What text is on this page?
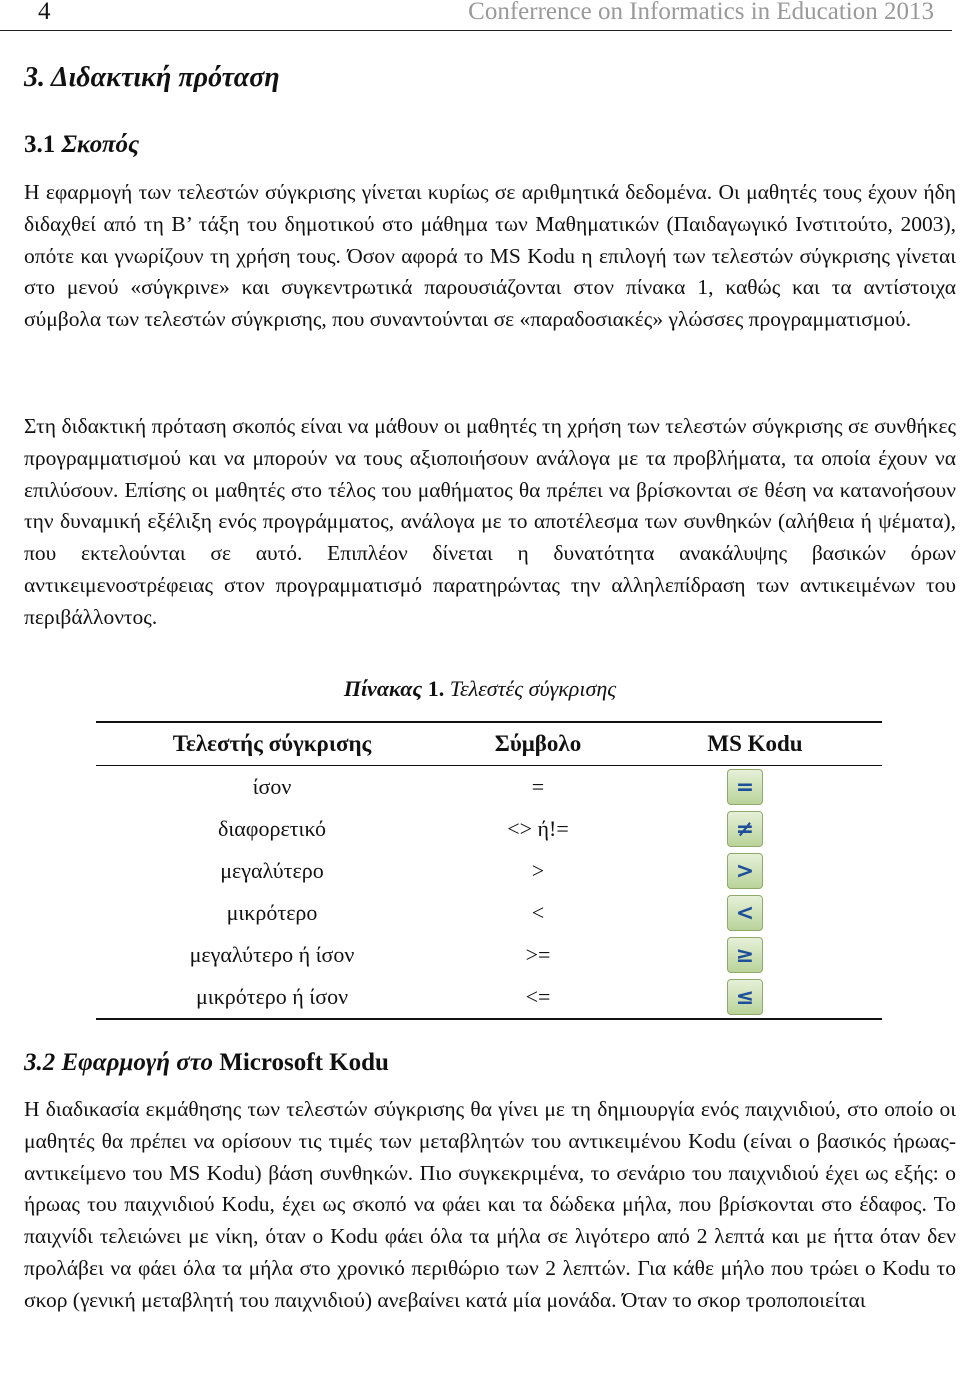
4	Conferrence on Informatics in Education 2013
3. Διδακτική πρόταση
3.1 Σκοπός

Η εφαρμογή των τελεστών σύγκρισης γίνεται κυρίως σε αριθμητικά δεδομένα. Οι μαθητές τους έχουν ήδη διδαχθεί από τη Β’ τάξη του δημοτικού στο μάθημα των Μαθηματικών (Παιδαγωγικό Ινστιτούτο, 2003), οπότε και γνωρίζουν τη χρήση τους. Όσον αφορά το MS Kodu η επιλογή των τελεστών σύγκρισης γίνεται στο μενού «σύγκρινε» και συγκεντρωτικά παρουσιάζονται στον πίνακα 1, καθώς και τα αντίστοιχα σύμβολα των τελεστών σύγκρισης, που συναντούνται σε «παραδοσιακές» γλώσσες προγραμματισμού.

Στη διδακτική πρόταση σκοπός είναι να μάθουν οι μαθητές τη χρήση των τελεστών σύγκρισης σε συνθήκες προγραμματισμού και να μπορούν να τους αξιοποιήσουν ανάλογα με τα προβλήματα, τα οποία έχουν να επιλύσουν. Επίσης οι μαθητές στο τέλος του μαθήματος θα πρέπει να βρίσκονται σε θέση να κατανοήσουν την δυναμική εξέλιξη ενός προγράμματος, ανάλογα με το αποτέλεσμα των συνθηκών (αλήθεια ή ψέματα), που εκτελούνται σε αυτό. Επιπλέον δίνεται η δυνατότητα ανακάλυψης βασικών όρων αντικειμενοστρέφειας στον προγραμματισμό παρατηρώντας την αλληλεπίδραση των αντικειμένων του περιβάλλοντος.

Πίνακας 1. Τελεστές σύγκρισης
Τελεστής σύγκρισης	Σύμβολο	MS Kodu
ίσον	=	=
διαφορετικό	<> ή!=	≠
μεγαλύτερο	>	>
μικρότερο	<	<
μεγαλύτερο ή ίσον	>=	≥
μικρότερο ή ίσον	<=	≤
3.2 Εφαρμογή στο Microsoft Kodu

Η διαδικασία εκμάθησης των τελεστών σύγκρισης θα γίνει με τη δημιουργία ενός παιχνιδιού, στο οποίο οι μαθητές θα πρέπει να ορίσουν τις τιμές των μεταβλητών του αντικειμένου Kodu (είναι ο βασικός ήρωας-αντικείμενο του MS Kodu) βάση συνθηκών. Πιο συγκεκριμένα, το σενάριο του παιχνιδιού έχει ως εξής: ο ήρωας του παιχνιδιού Kodu, έχει ως σκοπό να φάει και τα δώδεκα μήλα, που βρίσκονται στο έδαφος. Το παιχνίδι τελειώνει με νίκη, όταν ο Kodu φάει όλα τα μήλα σε λιγότερο από 2 λεπτά και με ήττα όταν δεν προλάβει να φάει όλα τα μήλα στο χρονικό περιθώριο των 2 λεπτών. Για κάθε μήλο που τρώει ο Kodu το σκορ (γενική μεταβλητή του παιχνιδιού) ανεβαίνει κατά μία μονάδα. Όταν το σκορ τροποποιείται
